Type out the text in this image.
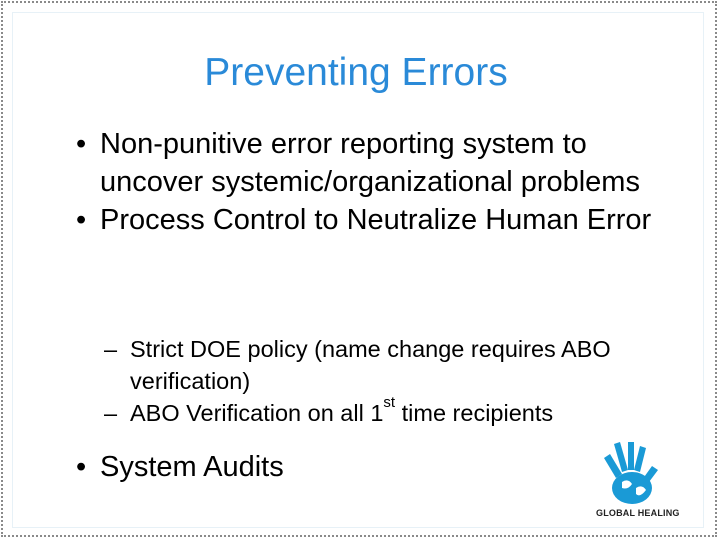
Preventing Errors
• Non-punitive error reporting system to uncover systemic/organizational problems
• Process Control to Neutralize Human Error
– Strict DOE policy (name change requires ABO verification)
– ABO Verification on all 1st time recipients
• System Audits
GLOBAL HEALING
